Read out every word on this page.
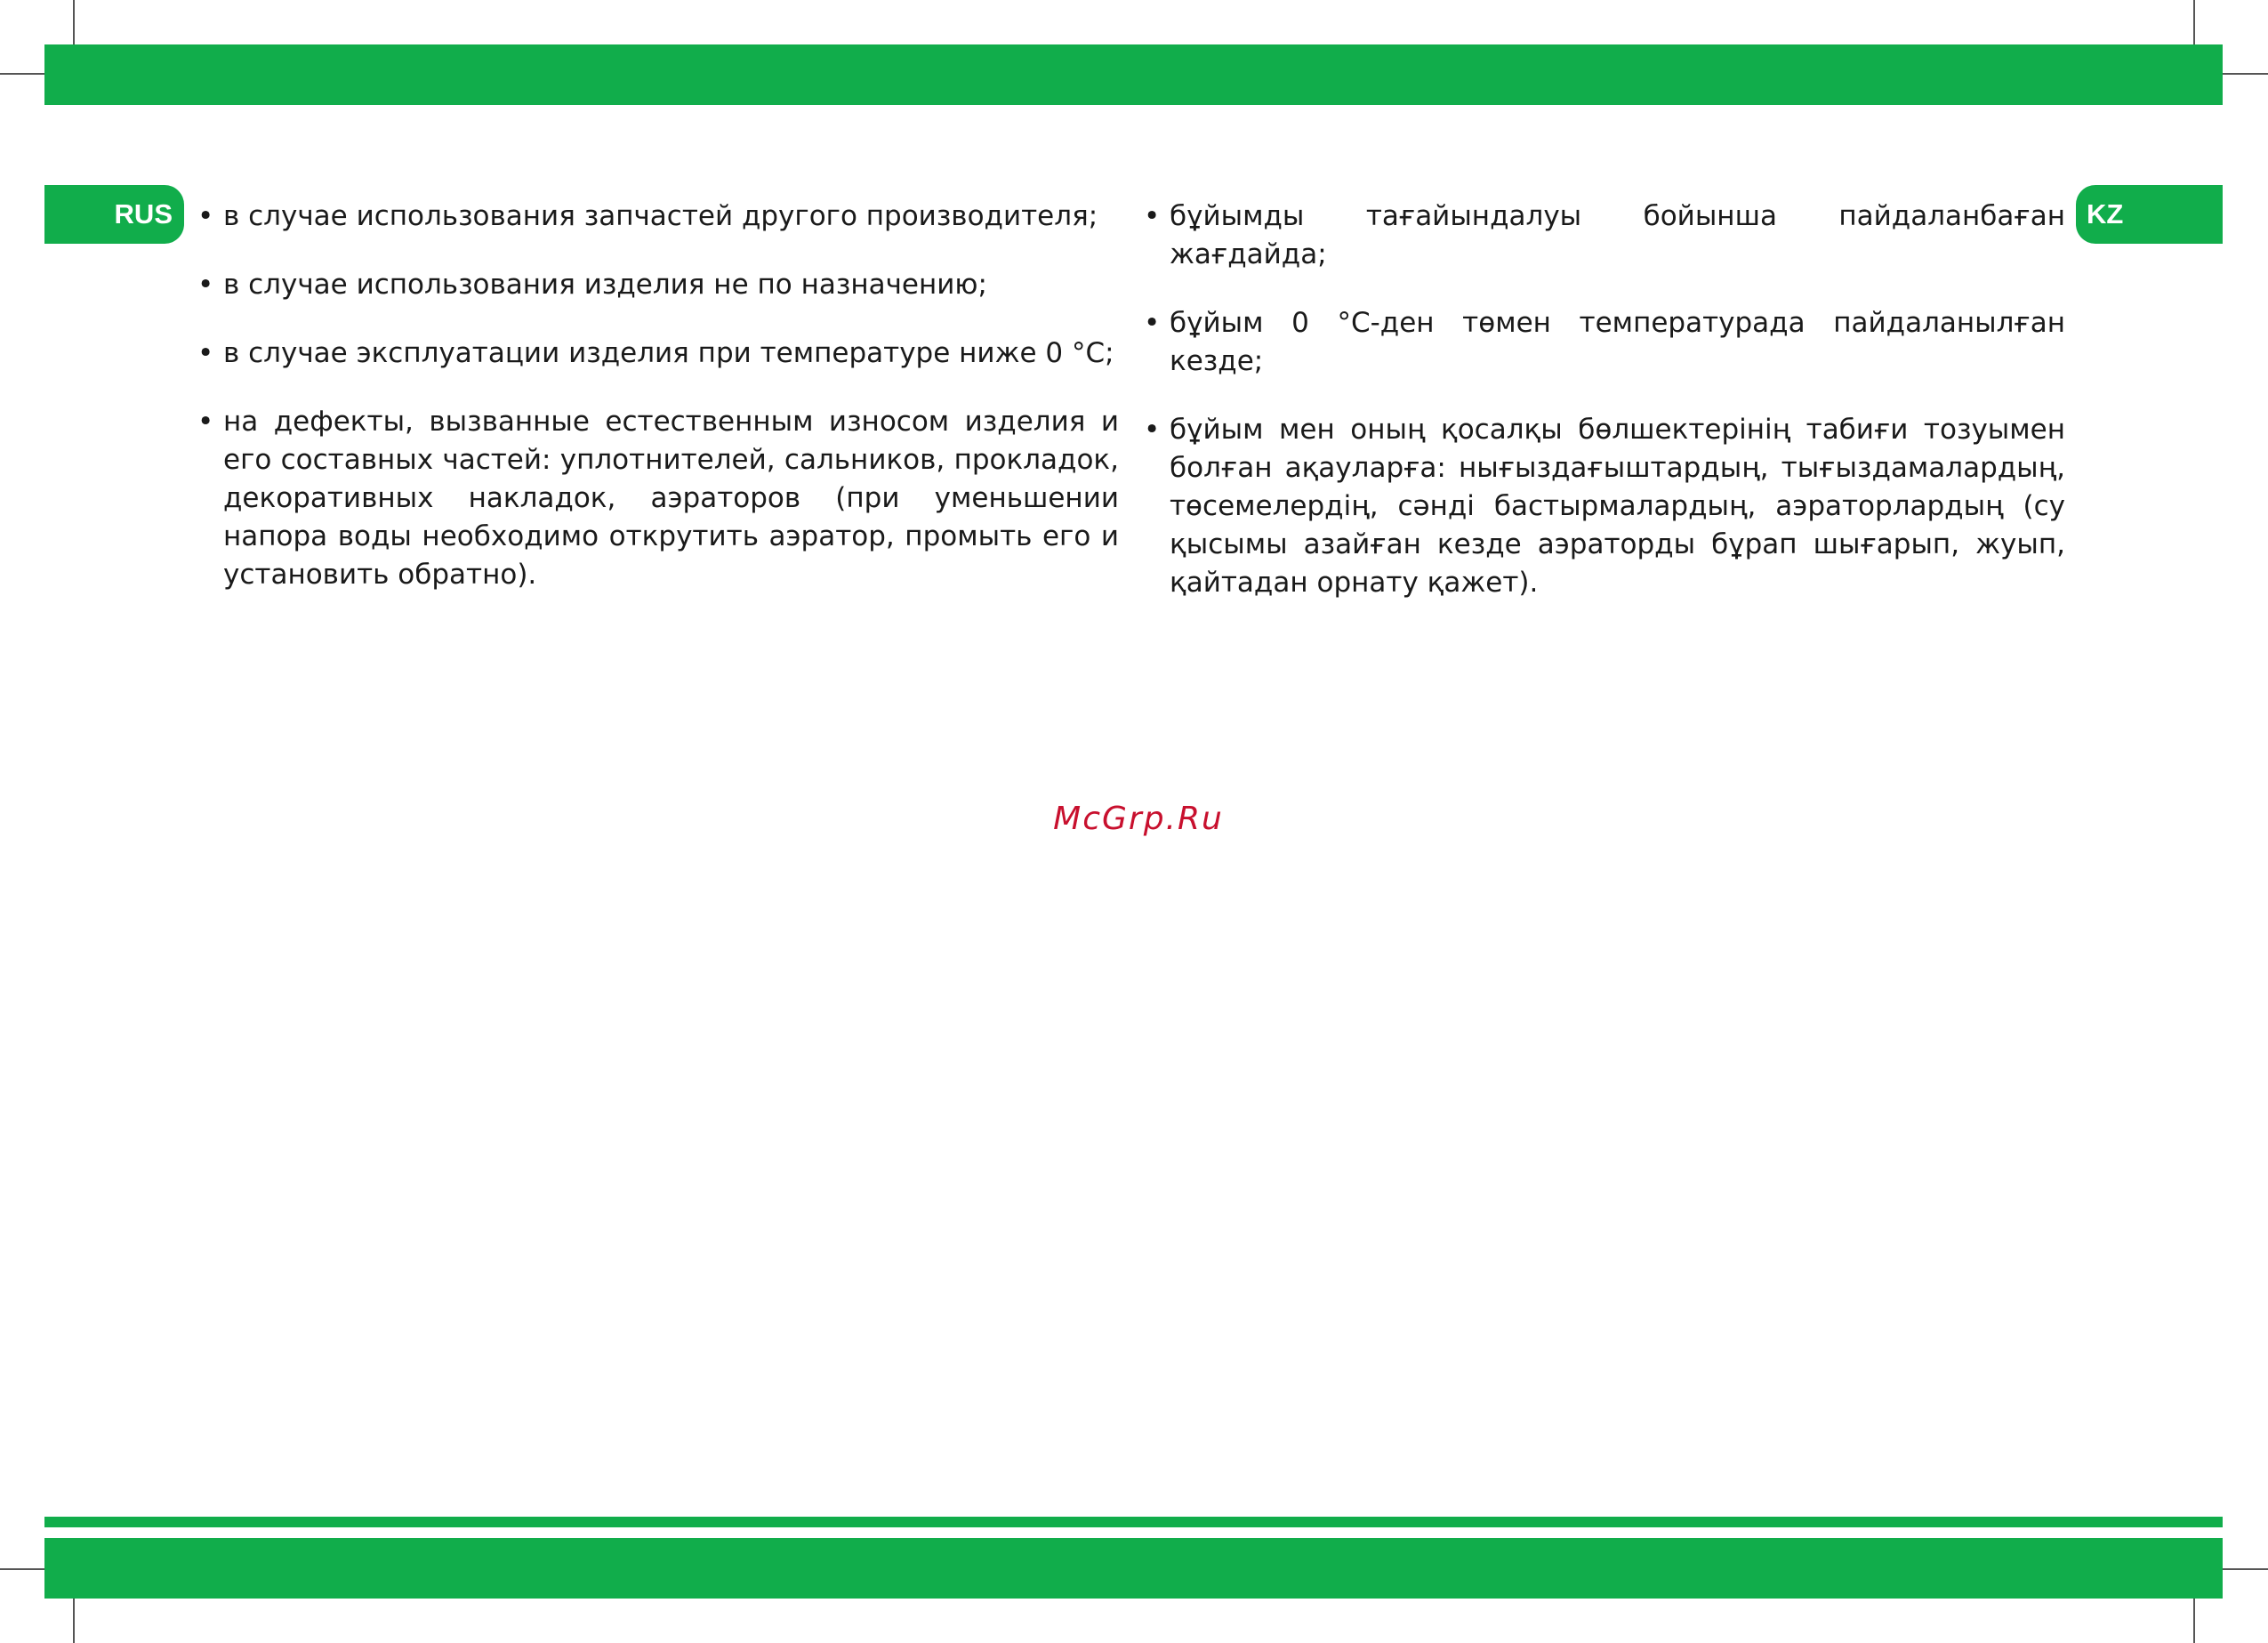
RUS	KZ
• в случае использования запчастей другого производителя;
• в случае использования изделия не по назначению;
• в случае эксплуатации изделия при температуре ниже 0 °С;
• на дефекты, вызванные естественным износом изделия и его составных частей: уплотнителей, сальников, прокладок, декоративных накладок, аэраторов (при уменьшении напора воды необходимо открутить аэратор, промыть его и установить обратно).
• бұйымды тағайындалуы бойынша пайдаланбаған жағдайда;
• бұйым 0 °С-ден төмен температурада пайдаланылған кезде;
• бұйым мен оның қосалқы бөлшектерінің табиғи тозуымен болған ақауларға: нығыздағыштардың, тығыздамалардың, төсемелердің, сәнді бастырмалардың, аэраторлардың (су қысымы азайған кезде аэраторды бұрап шығарып, жуып, қайтадан орнату қажет).
McGrp.Ru
